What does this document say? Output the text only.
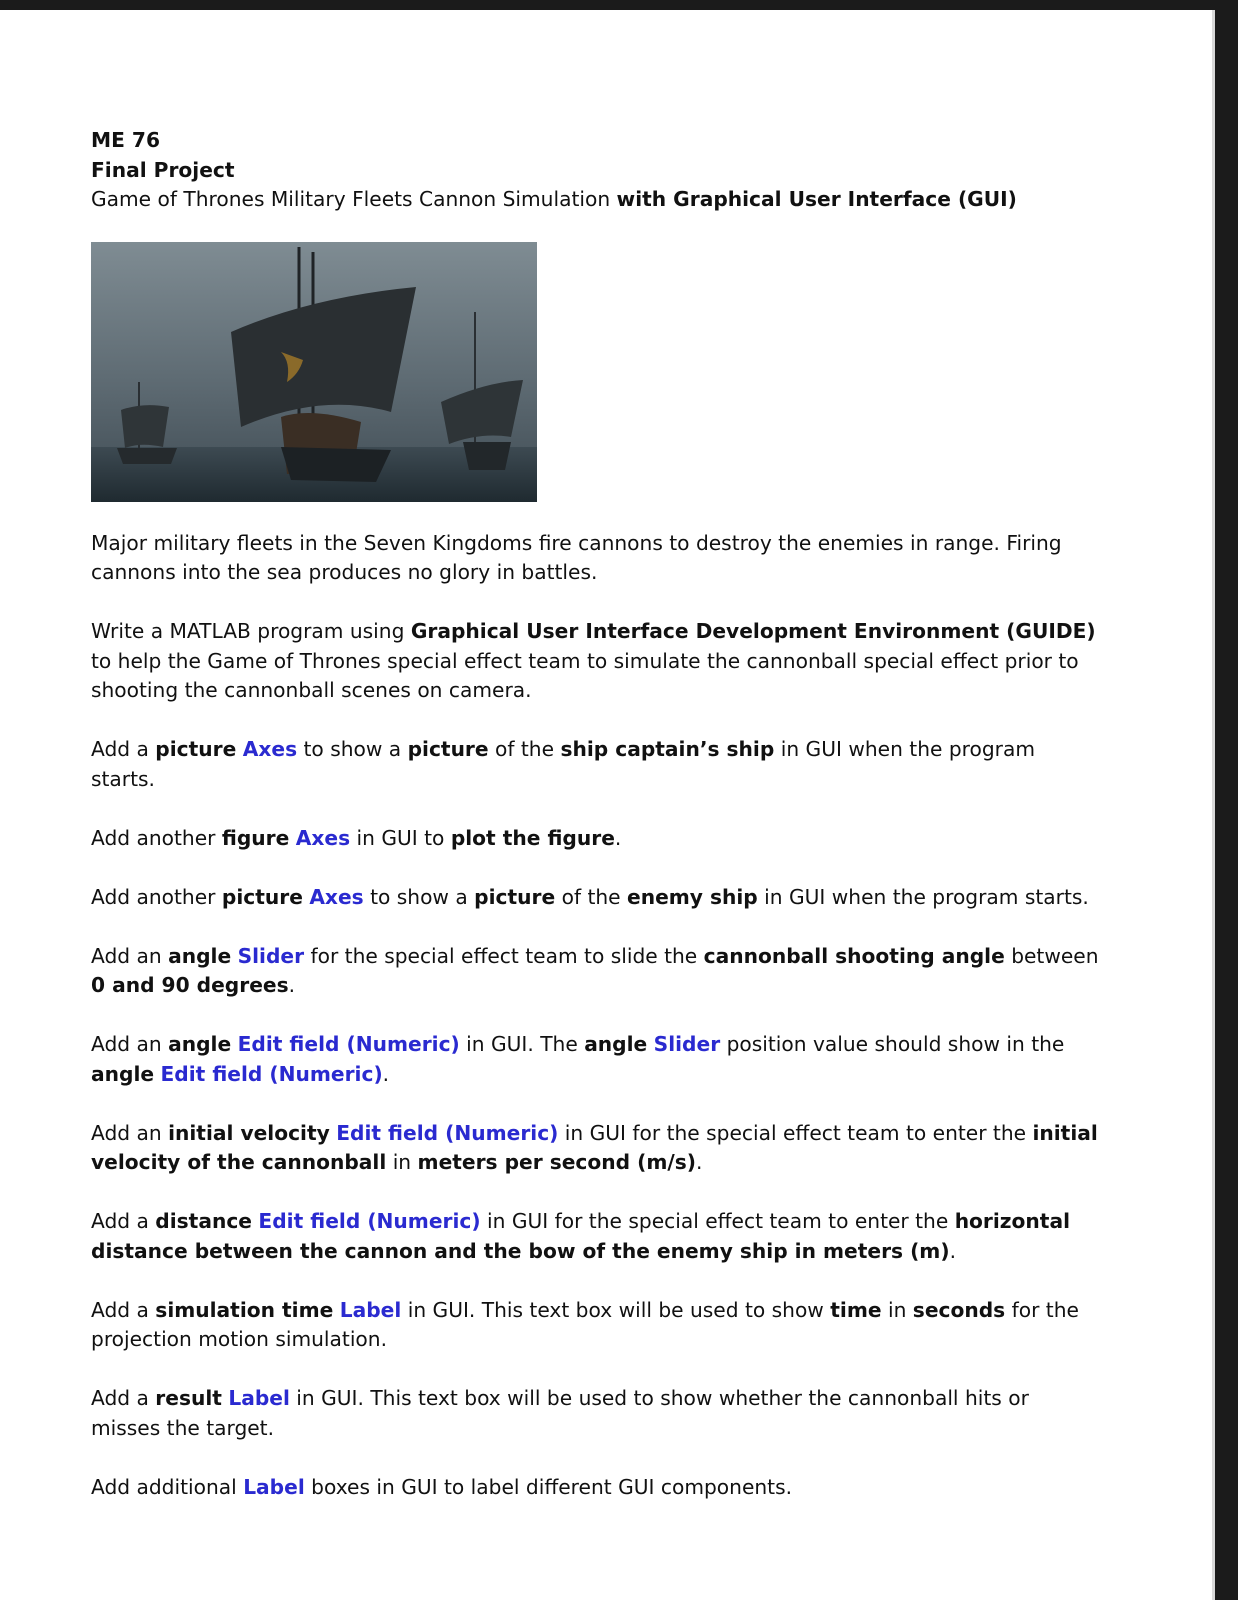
ME 76
Final Project
Game of Thrones Military Fleets Cannon Simulation with Graphical User Interface (GUI)

Major military fleets in the Seven Kingdoms fire cannons to destroy the enemies in range. Firing cannons into the sea produces no glory in battles.

Write a MATLAB program using Graphical User Interface Development Environment (GUIDE) to help the Game of Thrones special effect team to simulate the cannonball special effect prior to shooting the cannonball scenes on camera.

Add a picture Axes to show a picture of the ship captain’s ship in GUI when the program starts.

Add another figure Axes in GUI to plot the figure.

Add another picture Axes to show a picture of the enemy ship in GUI when the program starts.

Add an angle Slider for the special effect team to slide the cannonball shooting angle between 0 and 90 degrees.

Add an angle Edit field (Numeric) in GUI. The angle Slider position value should show in the angle Edit field (Numeric).

Add an initial velocity Edit field (Numeric) in GUI for the special effect team to enter the initial velocity of the cannonball in meters per second (m/s).

Add a distance Edit field (Numeric) in GUI for the special effect team to enter the horizontal distance between the cannon and the bow of the enemy ship in meters (m).

Add a simulation time Label in GUI. This text box will be used to show time in seconds for the projection motion simulation.

Add a result Label in GUI. This text box will be used to show whether the cannonball hits or misses the target.

Add additional Label boxes in GUI to label different GUI components.
